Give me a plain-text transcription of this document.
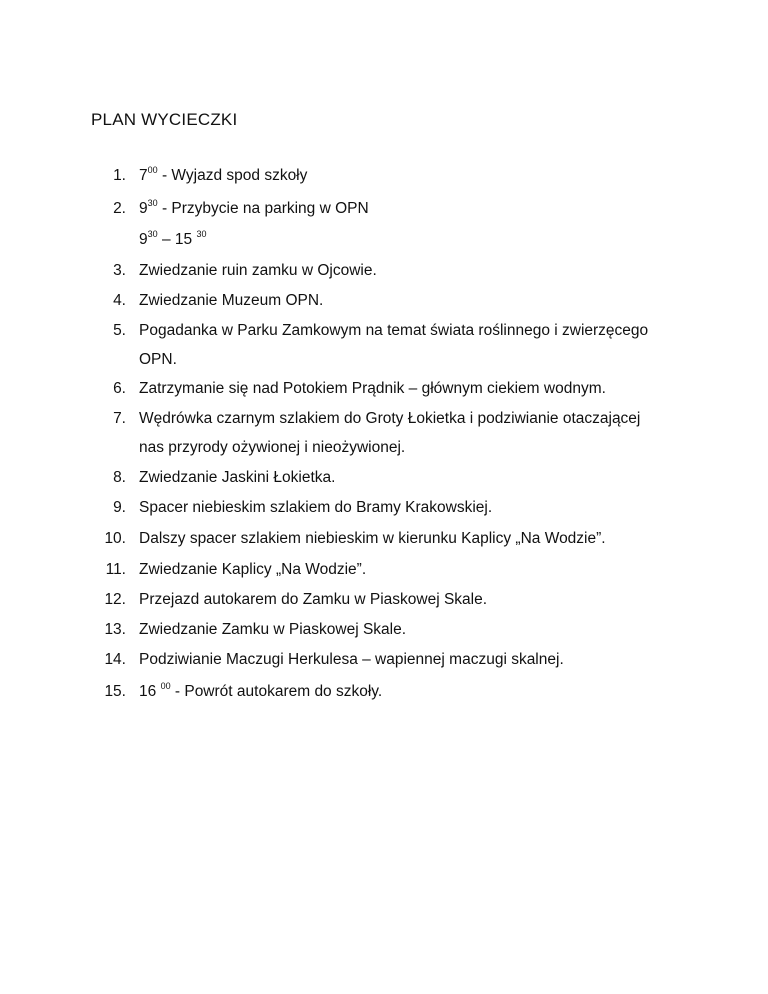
PLAN WYCIECZKI
1. $7^{00}$ - Wyjazd spod szkoły
2. $9^{30}$ - Przybycie na parking w OPN
$9^{30} - 15$ $^{30}$
3. Zwiedzanie ruin zamku w Ojcowie.
4. Zwiedzanie Muzeum OPN.
5. Pogadanka w Parku Zamkowym na temat świata roślinnego i zwierzęcego
OPN.
6. Zatrzymanie się nad Potokiem Prądnik – głównym ciekiem wodnym.
7. Wędrówka czarnym szlakiem do Groty Łokietka i podziwianie otaczającej
nas przyrody ożywionej i nieożywionej.
8. Zwiedzanie Jaskini Łokietka.
9. Spacer niebieskim szlakiem do Bramy Krakowskiej.
10. Dalszy spacer szlakiem niebieskim w kierunku Kaplicy „Na Wodzie”.
11. Zwiedzanie Kaplicy „Na Wodzie”.
12. Przejazd autokarem do Zamku w Piaskowej Skale.
13. Zwiedzanie Zamku w Piaskowej Skale.
14. Podziwianie Maczugi Herkulesa – wapiennej maczugi skalnej.
15. 16 $^{00}$ - Powrót autokarem do szkoły.
